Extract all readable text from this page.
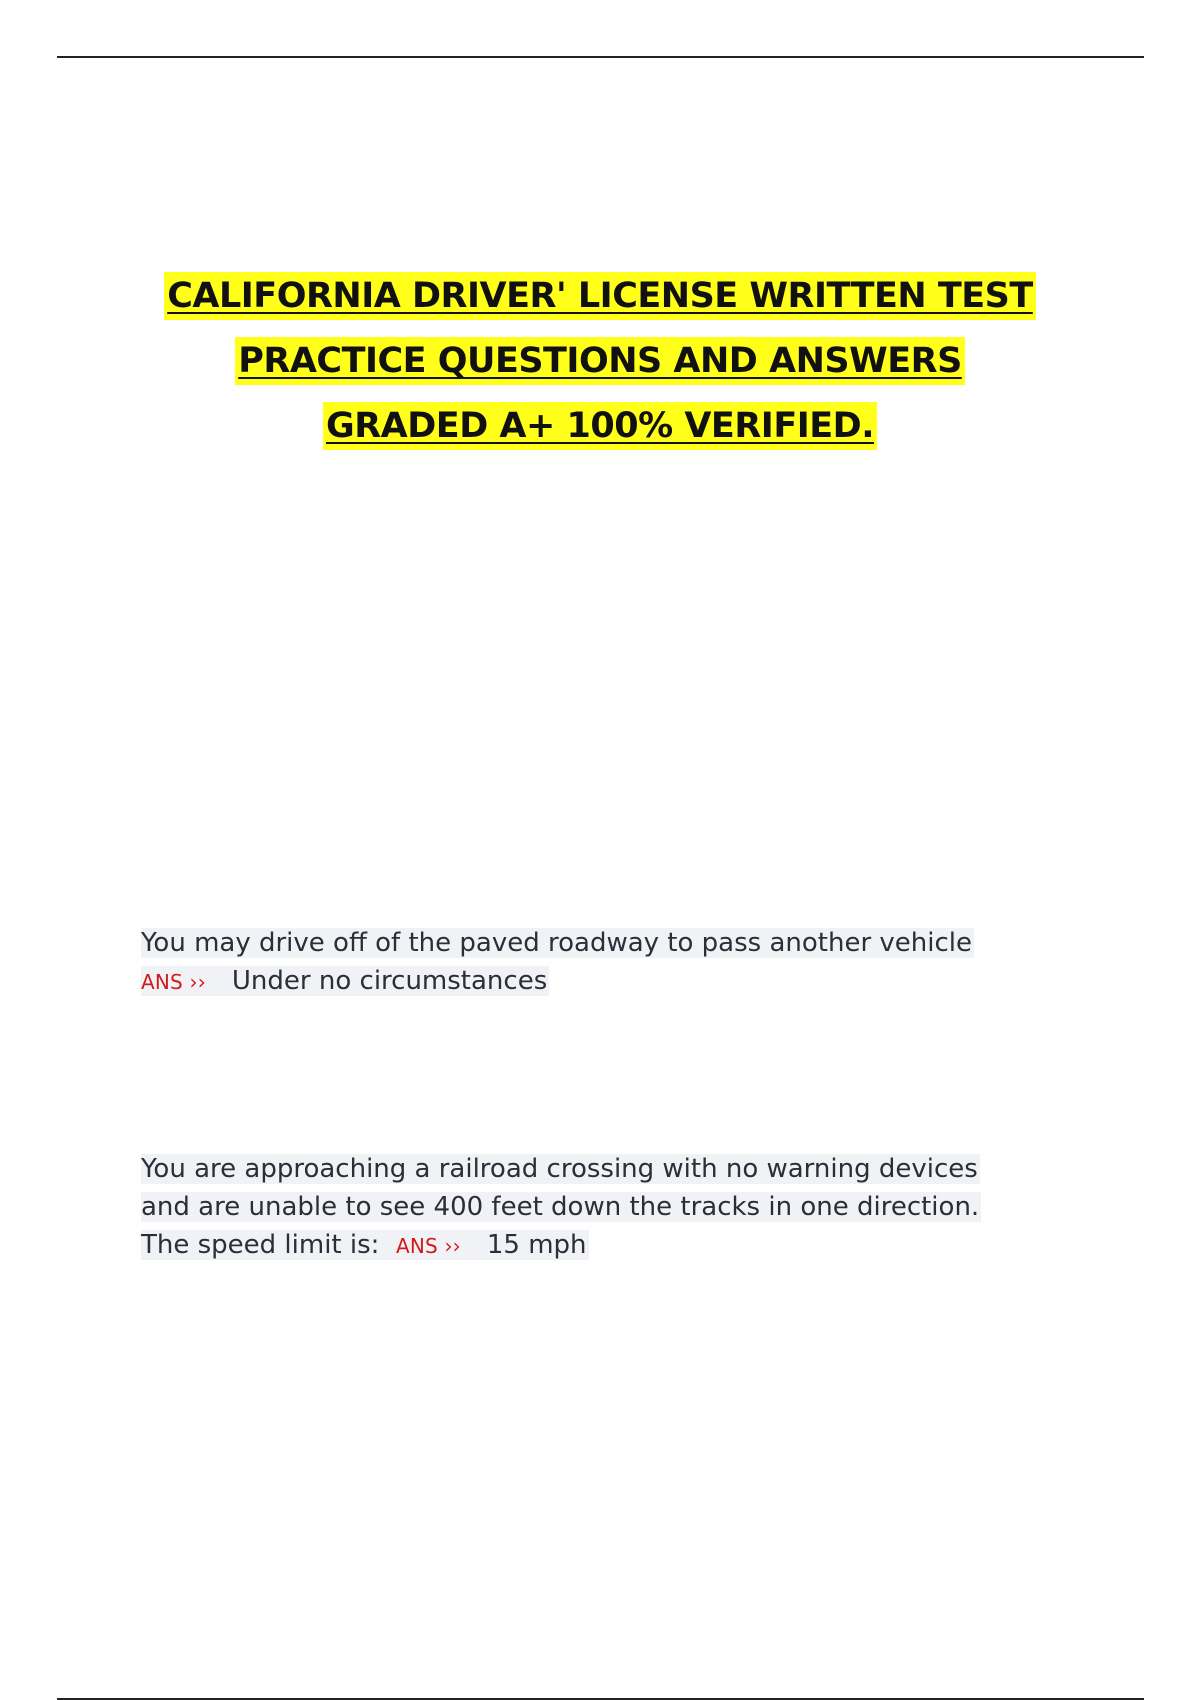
CALIFORNIA DRIVER' LICENSE WRITTEN TEST
PRACTICE QUESTIONS AND ANSWERS
GRADED A+ 100% VERIFIED.
You may drive off of the paved roadway to pass another vehicle
ANS ›› Under no circumstances
You are approaching a railroad crossing with no warning devices
and are unable to see 400 feet down the tracks in one direction.
The speed limit is: ANS ›› 15 mph
